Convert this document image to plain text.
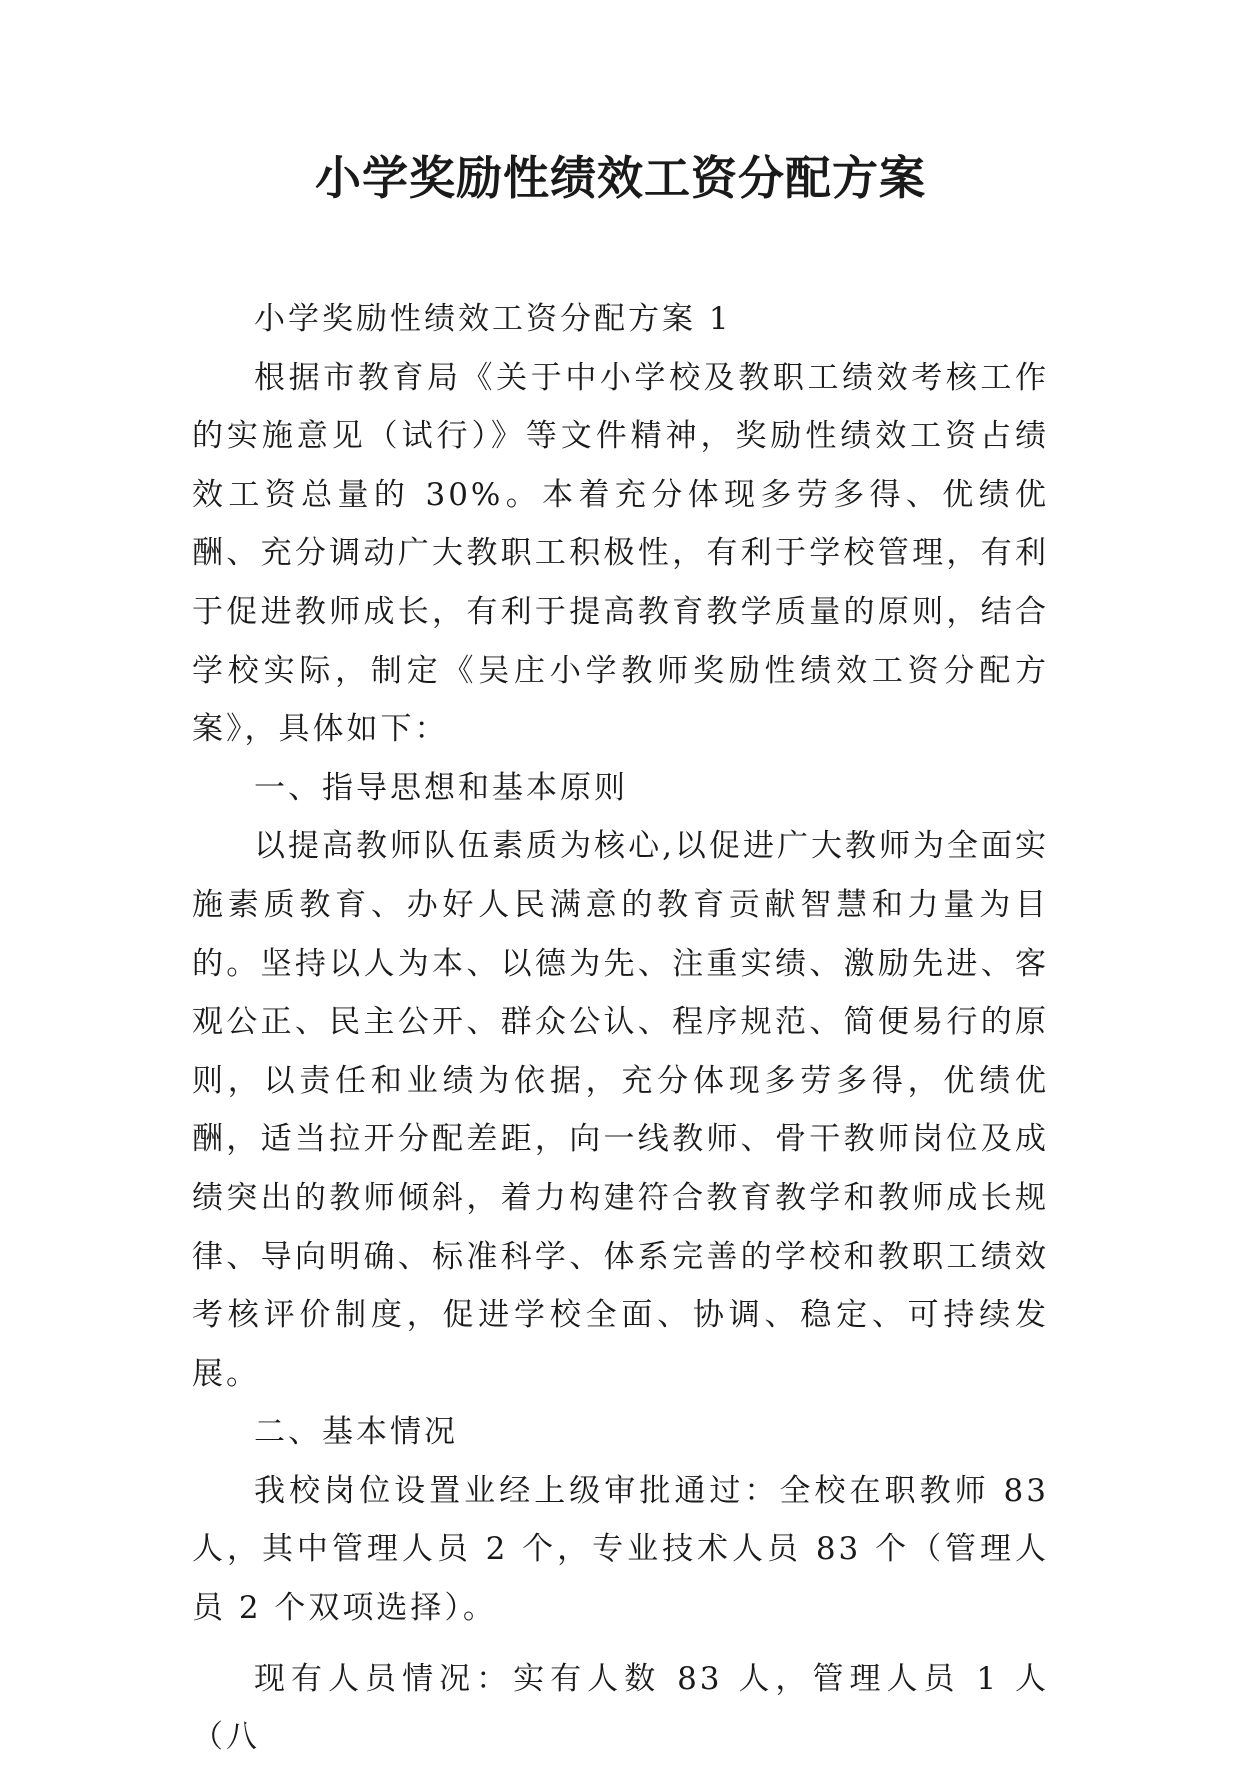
小学奖励性绩效工资分配方案

小学奖励性绩效工资分配方案 1

根据市教育局《关于中小学校及教职工绩效考核工作的实施意见（试行）》等文件精神，奖励性绩效工资占绩效工资总量的 30%。本着充分体现多劳多得、优绩优酬、充分调动广大教职工积极性，有利于学校管理，有利于促进教师成长，有利于提高教育教学质量的原则，结合学校实际，制定《吴庄小学教师奖励性绩效工资分配方案》，具体如下：

一、指导思想和基本原则

以提高教师队伍素质为核心,以促进广大教师为全面实施素质教育、办好人民满意的教育贡献智慧和力量为目的。坚持以人为本、以德为先、注重实绩、激励先进、客观公正、民主公开、群众公认、程序规范、简便易行的原则，以责任和业绩为依据，充分体现多劳多得，优绩优酬，适当拉开分配差距，向一线教师、骨干教师岗位及成绩突出的教师倾斜，着力构建符合教育教学和教师成长规律、导向明确、标准科学、体系完善的学校和教职工绩效考核评价制度，促进学校全面、协调、稳定、可持续发展。

二、基本情况

我校岗位设置业经上级审批通过：全校在职教师 83 人，其中管理人员 2 个，专业技术人员 83 个（管理人员 2 个双项选择）。

现有人员情况：实有人数 83 人，管理人员 1 人（八
